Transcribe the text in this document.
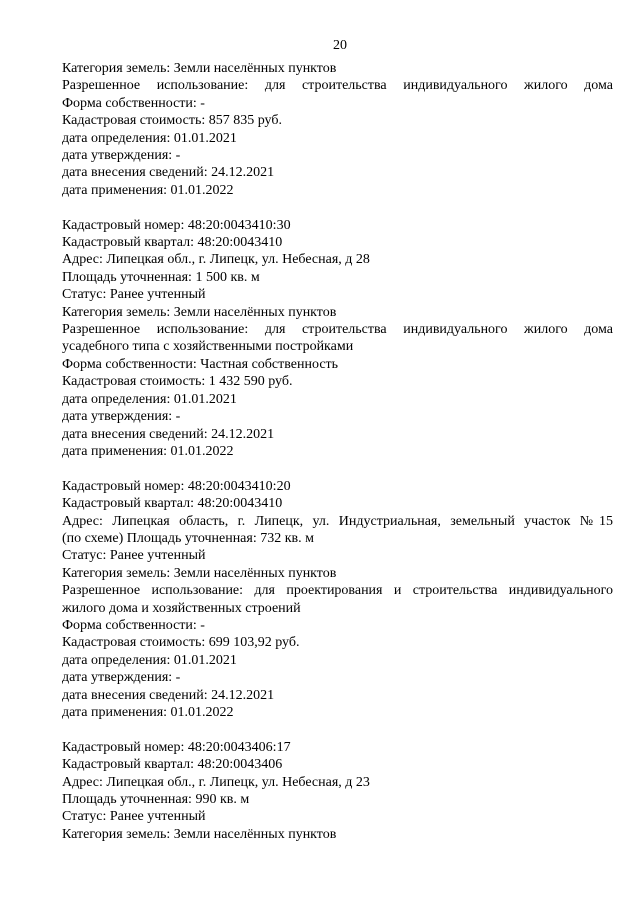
20
Категория земель: Земли населённых пунктов
Разрешенное использование: для строительства индивидуального жилого дома
Форма собственности: -
Кадастровая стоимость: 857 835 руб.
дата определения: 01.01.2021
дата утверждения: -
дата внесения сведений: 24.12.2021
дата применения: 01.01.2022
Кадастровый номер: 48:20:0043410:30
Кадастровый квартал: 48:20:0043410
Адрес: Липецкая обл., г. Липецк, ул. Небесная, д 28
Площадь уточненная: 1 500 кв. м
Статус: Ранее учтенный
Категория земель: Земли населённых пунктов
Разрешенное использование: для строительства индивидуального жилого дома
усадебного типа с хозяйственными постройками
Форма собственности: Частная собственность
Кадастровая стоимость: 1 432 590 руб.
дата определения: 01.01.2021
дата утверждения: -
дата внесения сведений: 24.12.2021
дата применения: 01.01.2022
Кадастровый номер: 48:20:0043410:20
Кадастровый квартал: 48:20:0043410
Адрес: Липецкая область, г. Липецк, ул. Индустриальная, земельный участок №15
(по схеме) Площадь уточненная: 732 кв. м
Статус: Ранее учтенный
Категория земель: Земли населённых пунктов
Разрешенное использование: для проектирования и строительства индивидуального
жилого дома и хозяйственных строений
Форма собственности: -
Кадастровая стоимость: 699 103,92 руб.
дата определения: 01.01.2021
дата утверждения: -
дата внесения сведений: 24.12.2021
дата применения: 01.01.2022
Кадастровый номер: 48:20:0043406:17
Кадастровый квартал: 48:20:0043406
Адрес: Липецкая обл., г. Липецк, ул. Небесная, д 23
Площадь уточненная: 990 кв. м
Статус: Ранее учтенный
Категория земель: Земли населённых пунктов
